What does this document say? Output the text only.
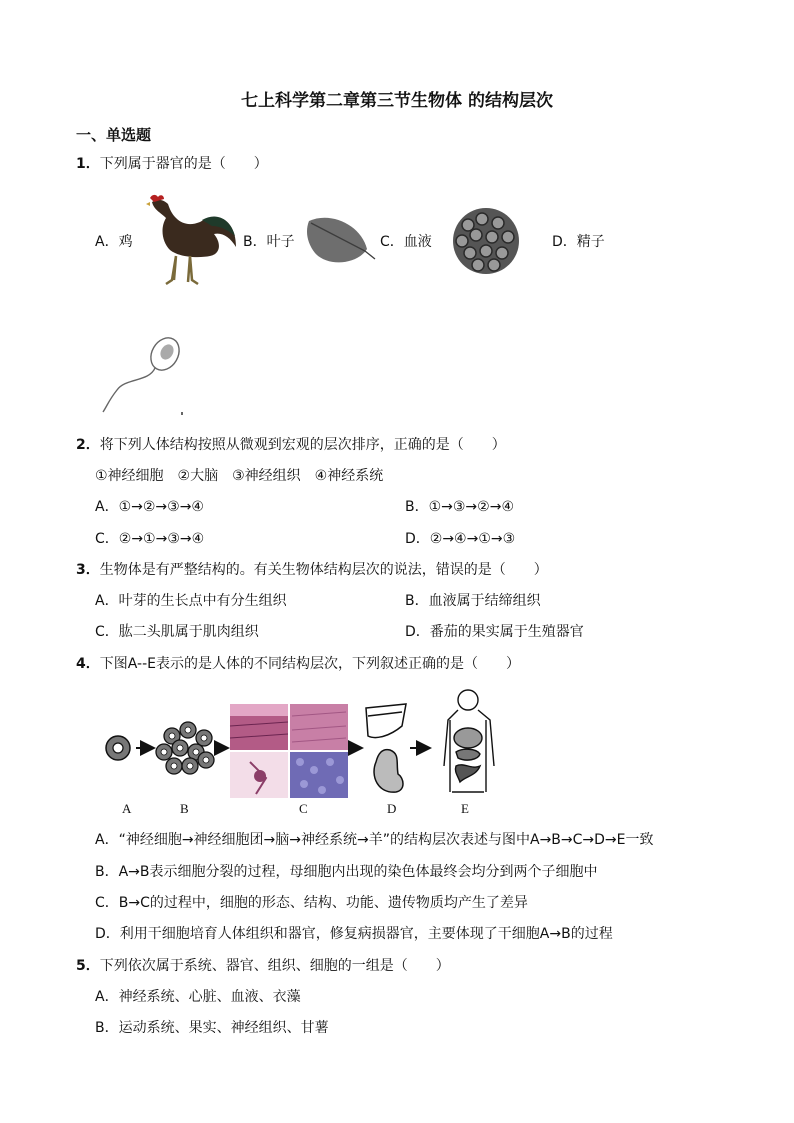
七上科学第二章第三节生物体 的结构层次
一、单选题
1．下列属于器官的是（　　）
A．鸡	B．叶子	C．血液	D．精子
2．将下列人体结构按照从微观到宏观的层次排序，正确的是（　　）
①神经细胞　②大脑　③神经组织　④神经系统
A．①→②→③→④	B．①→③→②→④
C．②→①→③→④	D．②→④→①→③
3．生物体是有严整结构的。有关生物体结构层次的说法，错误的是（　　）
A．叶芽的生长点中有分生组织	B．血液属于结缔组织
C．肱二头肌属于肌肉组织	D．番茄的果实属于生殖器官
4．下图A--E表示的是人体的不同结构层次，下列叙述正确的是（　　）
A	B	C	D	E
A．“神经细胞→神经细胞团→脑→神经系统→羊”的结构层次表述与图中A→B→C→D→E一致
B．A→B表示细胞分裂的过程，母细胞内出现的染色体最终会均分到两个子细胞中
C．B→C的过程中，细胞的形态、结构、功能、遗传物质均产生了差异
D．利用干细胞培育人体组织和器官，修复病损器官，主要体现了干细胞A→B的过程
5．下列依次属于系统、器官、组织、细胞的一组是（　　）
A．神经系统、心脏、血液、衣藻
B．运动系统、果实、神经组织、甘薯
